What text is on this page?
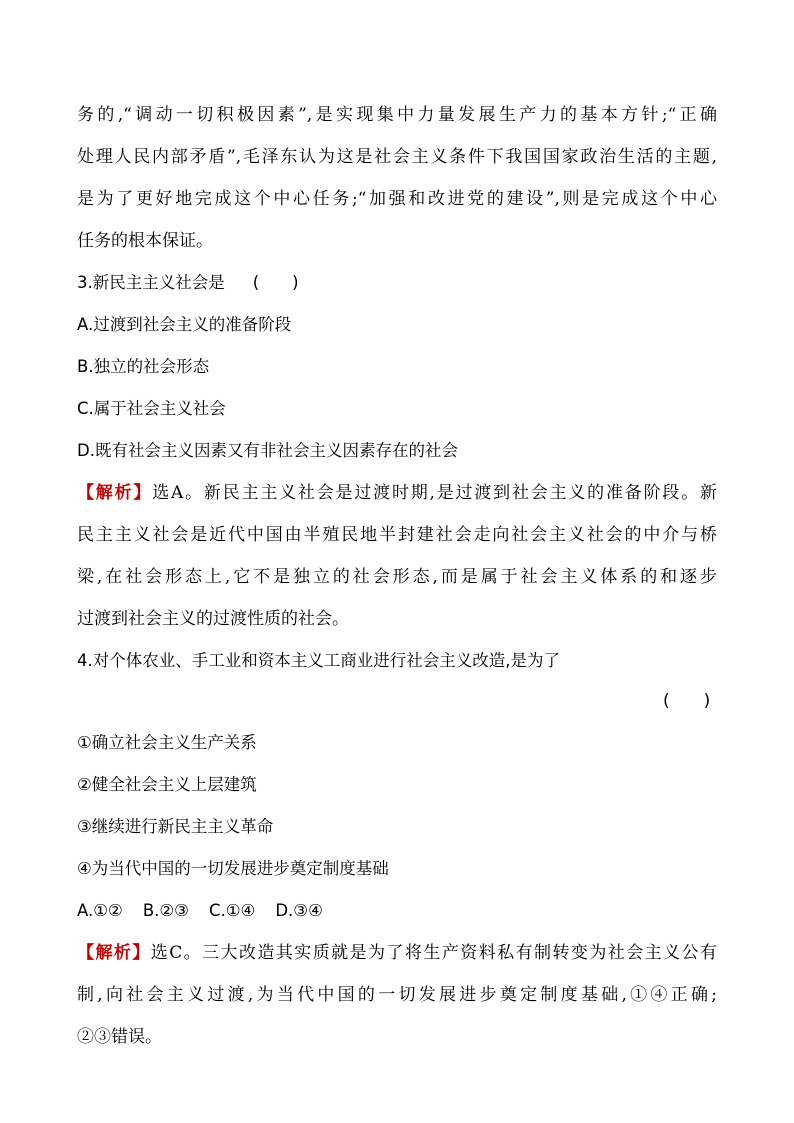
务的,“调动一切积极因素”,是实现集中力量发展生产力的基本方针;“正确
处理人民内部矛盾”,毛泽东认为这是社会主义条件下我国国家政治生活的主题,
是为了更好地完成这个中心任务;“加强和改进党的建设”,则是完成这个中心
任务的根本保证。
3.新民主主义社会是 (　　)
A.过渡到社会主义的准备阶段
B.独立的社会形态
C.属于社会主义社会
D.既有社会主义因素又有非社会主义因素存在的社会
【解析】选A。新民主主义社会是过渡时期,是过渡到社会主义的准备阶段。新
民主主义社会是近代中国由半殖民地半封建社会走向社会主义社会的中介与桥
梁,在社会形态上,它不是独立的社会形态,而是属于社会主义体系的和逐步
过渡到社会主义的过渡性质的社会。
4.对个体农业、手工业和资本主义工商业进行社会主义改造,是为了
(　　)
①确立社会主义生产关系
②健全社会主义上层建筑
③继续进行新民主主义革命
④为当代中国的一切发展进步奠定制度基础
A.①② B.②③ C.①④ D.③④
【解析】选C。三大改造其实质就是为了将生产资料私有制转变为社会主义公有
制,向社会主义过渡,为当代中国的一切发展进步奠定制度基础,①④正确;
②③错误。
